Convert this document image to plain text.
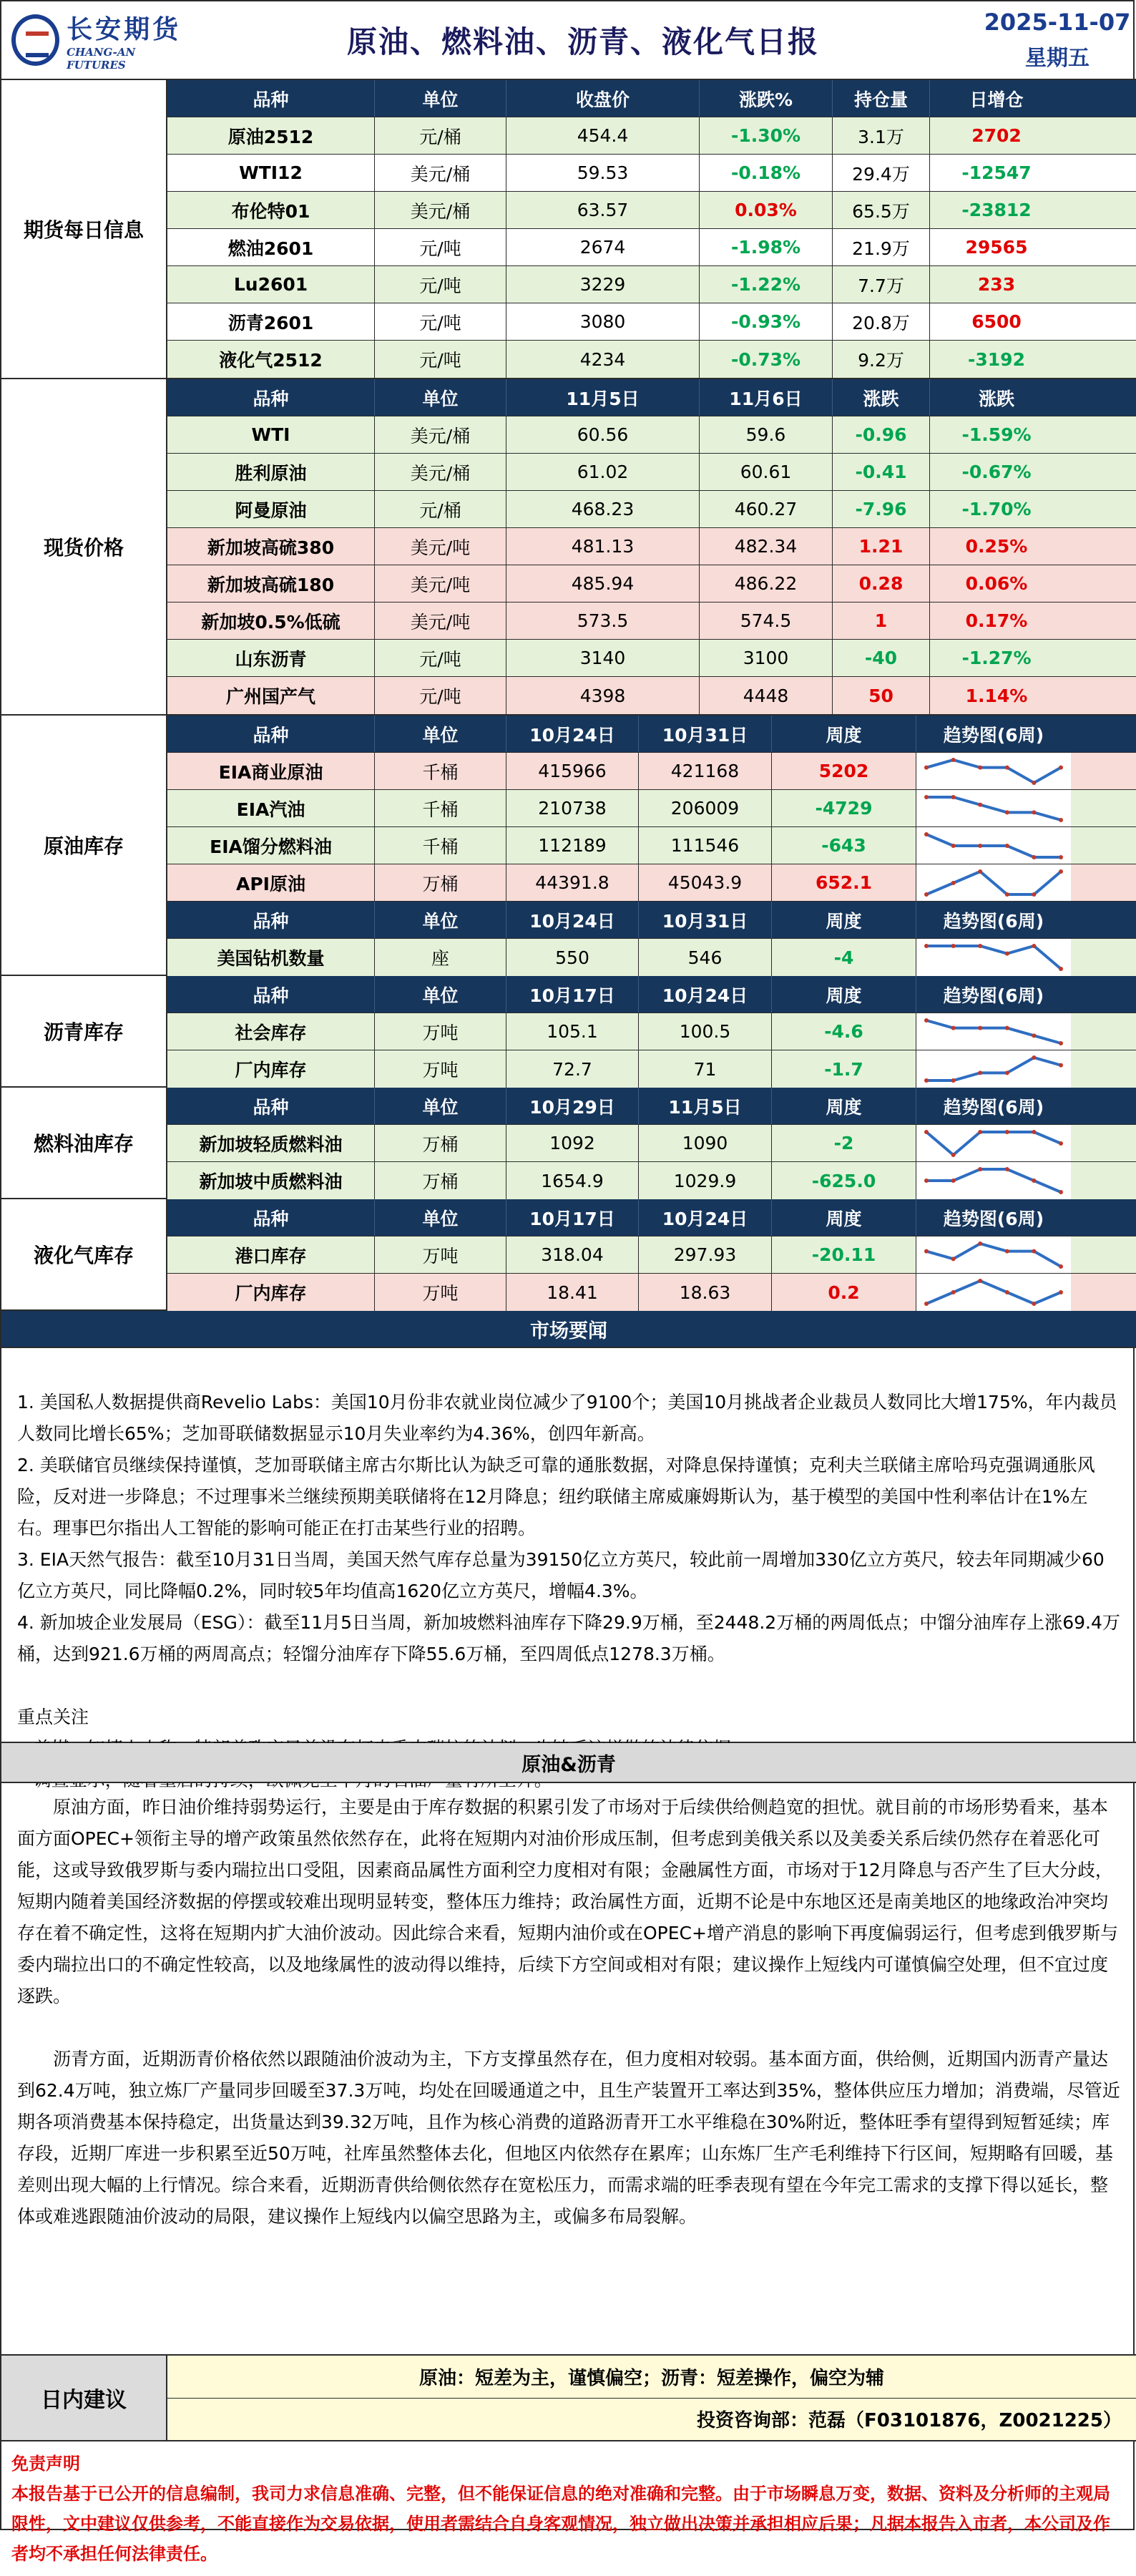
长安期货
CHANG-AN FUTURES
原油、燃料油、沥青、液化气日报
2025-11-07
星期五
期货每日信息
品种	单位	收盘价	涨跌%	持仓量	日增仓
原油2512	元/桶	454.4	-1.30%	3.1万	2702
WTI12	美元/桶	59.53	-0.18%	29.4万	-12547
布伦特01	美元/桶	63.57	0.03%	65.5万	-23812
燃油2601	元/吨	2674	-1.98%	21.9万	29565
Lu2601	元/吨	3229	-1.22%	7.7万	233
沥青2601	元/吨	3080	-0.93%	20.8万	6500
液化气2512	元/吨	4234	-0.73%	9.2万	-3192
现货价格
品种	单位	11月5日	11月6日	涨跌	涨跌
WTI	美元/桶	60.56	59.6	-0.96	-1.59%
胜利原油	美元/桶	61.02	60.61	-0.41	-0.67%
阿曼原油	元/桶	468.23	460.27	-7.96	-1.70%
新加坡高硫380	美元/吨	481.13	482.34	1.21	0.25%
新加坡高硫180	美元/吨	485.94	486.22	0.28	0.06%
新加坡0.5%低硫	美元/吨	573.5	574.5	1	0.17%
山东沥青	元/吨	3140	3100	-40	-1.27%
广州国产气	元/吨	4398	4448	50	1.14%
原油库存
品种	单位	10月24日	10月31日	周度	趋势图(6周)
EIA商业原油	千桶	415966	421168	5202
EIA汽油	千桶	210738	206009	-4729
EIA馏分燃料油	千桶	112189	111546	-643
API原油	万桶	44391.8	45043.9	652.1
品种	单位	10月24日	10月31日	周度	趋势图(6周)
美国钻机数量	座	550	546	-4
沥青库存
品种	单位	10月17日	10月24日	周度	趋势图(6周)
社会库存	万吨	105.1	100.5	-4.6
厂内库存	万吨	72.7	71	-1.7
燃料油库存
品种	单位	10月29日	11月5日	周度	趋势图(6周)
新加坡轻质燃料油	万桶	1092	1090	-2
新加坡中质燃料油	万桶	1654.9	1029.9	-625.0
液化气库存
品种	单位	10月17日	10月24日	周度	趋势图(6周)
港口库存	万吨	318.04	297.93	-20.11
厂内库存	万吨	18.41	18.63	0.2
市场要闻

1. 美国私人数据提供商Revelio Labs：美国10月份非农就业岗位减少了9100个；美国10月挑战者企业裁员人数同比大增175%，年内裁员人数同比增长65%；芝加哥联储数据显示10月失业率约为4.36%，创四年新高。

2. 美联储官员继续保持谨慎，芝加哥联储主席古尔斯比认为缺乏可靠的通胀数据，对降息保持谨慎；克利夫兰联储主席哈玛克强调通胀风险，反对进一步降息；不过理事米兰继续预期美联储将在12月降息；纽约联储主席威廉姆斯认为，基于模型的美国中性利率估计在1%左右。理事巴尔指出人工智能的影响可能正在打击某些行业的招聘。

3. EIA天然气报告：截至10月31日当周，美国天然气库存总量为39150亿立方英尺，较此前一周增加330亿立方英尺，较去年同期减少60亿立方英尺，同比降幅0.2%，同时较5年均值高1620亿立方英尺，增幅4.3%。

4. 新加坡企业发展局（ESG）：截至11月5日当周，新加坡燃料油库存下降29.9万桶，至2448.2万桶的两周低点；中馏分油库存上涨69.4万桶，达到921.6万桶的两周高点；轻馏分油库存下降55.6万桶，至四周低点1278.3万桶。

重点关注

原油&沥青

原油方面，昨日油价维持弱势运行，主要是由于库存数据的积累引发了市场对于后续供给侧趋宽的担忧。就目前的市场形势看来，基本面方面OPEC+领衔主导的增产政策虽然依然存在，此将在短期内对油价形成压制，但考虑到美俄关系以及美委关系后续仍然存在着恶化可能，这或导致俄罗斯与委内瑞拉出口受阻，因素商品属性方面利空力度相对有限；金融属性方面，市场对于12月降息与否产生了巨大分歧，短期内随着美国经济数据的停摆或较难出现明显转变，整体压力维持；政治属性方面，近期不论是中东地区还是南美地区的地缘政治冲突均存在着不确定性，这将在短期内扩大油价波动。因此综合来看，短期内油价或在OPEC+增产消息的影响下再度偏弱运行，但考虑到俄罗斯与委内瑞拉出口的不确定性较高，以及地缘属性的波动得以维持，后续下方空间或相对有限；建议操作上短线内可谨慎偏空处理，但不宜过度逐跌。

沥青方面，近期沥青价格依然以跟随油价波动为主，下方支撑虽然存在，但力度相对较弱。基本面方面，供给侧，近期国内沥青产量达到62.4万吨，独立炼厂产量同步回暖至37.3万吨，均处在回暖通道之中，且生产装置开工率达到35%，整体供应压力增加；消费端，尽管近期各项消费基本保持稳定，出货量达到39.32万吨，且作为核心消费的道路沥青开工水平维稳在30%附近，整体旺季有望得到短暂延续；库存段，近期厂库进一步积累至近50万吨，社库虽然整体去化，但地区内依然存在累库；山东炼厂生产毛利维持下行区间，短期略有回暖，基差则出现大幅的上行情况。综合来看，近期沥青供给侧依然存在宽松压力，而需求端的旺季表现有望在今年完工需求的支撑下得以延长，整体或难逃跟随油价波动的局限，建议操作上短线内以偏空思路为主，或偏多布局裂解。

日内建议
原油：短差为主，谨慎偏空；沥青：短差操作，偏空为辅
投资咨询部：范磊（F03101876，Z0021225）
免责声明
本报告基于已公开的信息编制，我司力求信息准确、完整，但不能保证信息的绝对准确和完整。由于市场瞬息万变，数据、资料及分析师的主观局限性，文中建议仅供参考，不能直接作为交易依据，使用者需结合自身客观情况，独立做出决策并承担相应后果；凡据本报告入市者，本公司及作者均不承担任何法律责任。
